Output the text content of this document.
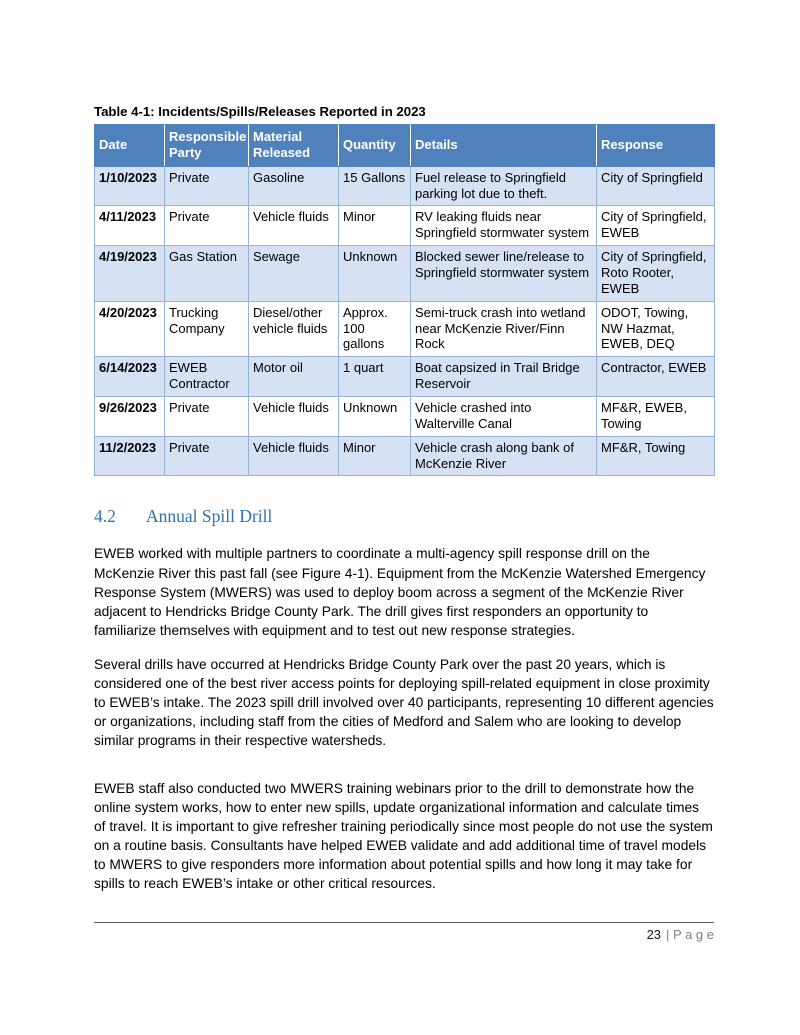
Table 4-1: Incidents/Spills/Releases Reported in 2023

Date	Responsible Party	Material Released	Quantity	Details	Response
1/10/2023	Private	Gasoline	15 Gallons	Fuel release to Springfield parking lot due to theft.	City of Springfield
4/11/2023	Private	Vehicle fluids	Minor	RV leaking fluids near Springfield stormwater system	City of Springfield, EWEB
4/19/2023	Gas Station	Sewage	Unknown	Blocked sewer line/release to Springfield stormwater system	City of Springfield, Roto Rooter, EWEB
4/20/2023	Trucking Company	Diesel/other vehicle fluids	Approx. 100 gallons	Semi-truck crash into wetland near McKenzie River/Finn Rock	ODOT, Towing, NW Hazmat, EWEB, DEQ
6/14/2023	EWEB Contractor	Motor oil	1 quart	Boat capsized in Trail Bridge Reservoir	Contractor, EWEB
9/26/2023	Private	Vehicle fluids	Unknown	Vehicle crashed into Walterville Canal	MF&R, EWEB, Towing
11/2/2023	Private	Vehicle fluids	Minor	Vehicle crash along bank of McKenzie River	MF&R, Towing
4.2 Annual Spill Drill

EWEB worked with multiple partners to coordinate a multi-agency spill response drill on the McKenzie River this past fall (see Figure 4-1). Equipment from the McKenzie Watershed Emergency Response System (MWERS) was used to deploy boom across a segment of the McKenzie River adjacent to Hendricks Bridge County Park. The drill gives first responders an opportunity to familiarize themselves with equipment and to test out new response strategies.

Several drills have occurred at Hendricks Bridge County Park over the past 20 years, which is considered one of the best river access points for deploying spill-related equipment in close proximity to EWEB’s intake. The 2023 spill drill involved over 40 participants, representing 10 different agencies or organizations, including staff from the cities of Medford and Salem who are looking to develop similar programs in their respective watersheds.

EWEB staff also conducted two MWERS training webinars prior to the drill to demonstrate how the online system works, how to enter new spills, update organizational information and calculate times of travel. It is important to give refresher training periodically since most people do not use the system on a routine basis. Consultants have helped EWEB validate and add additional time of travel models to MWERS to give responders more information about potential spills and how long it may take for spills to reach EWEB’s intake or other critical resources.

23 | P a g e
